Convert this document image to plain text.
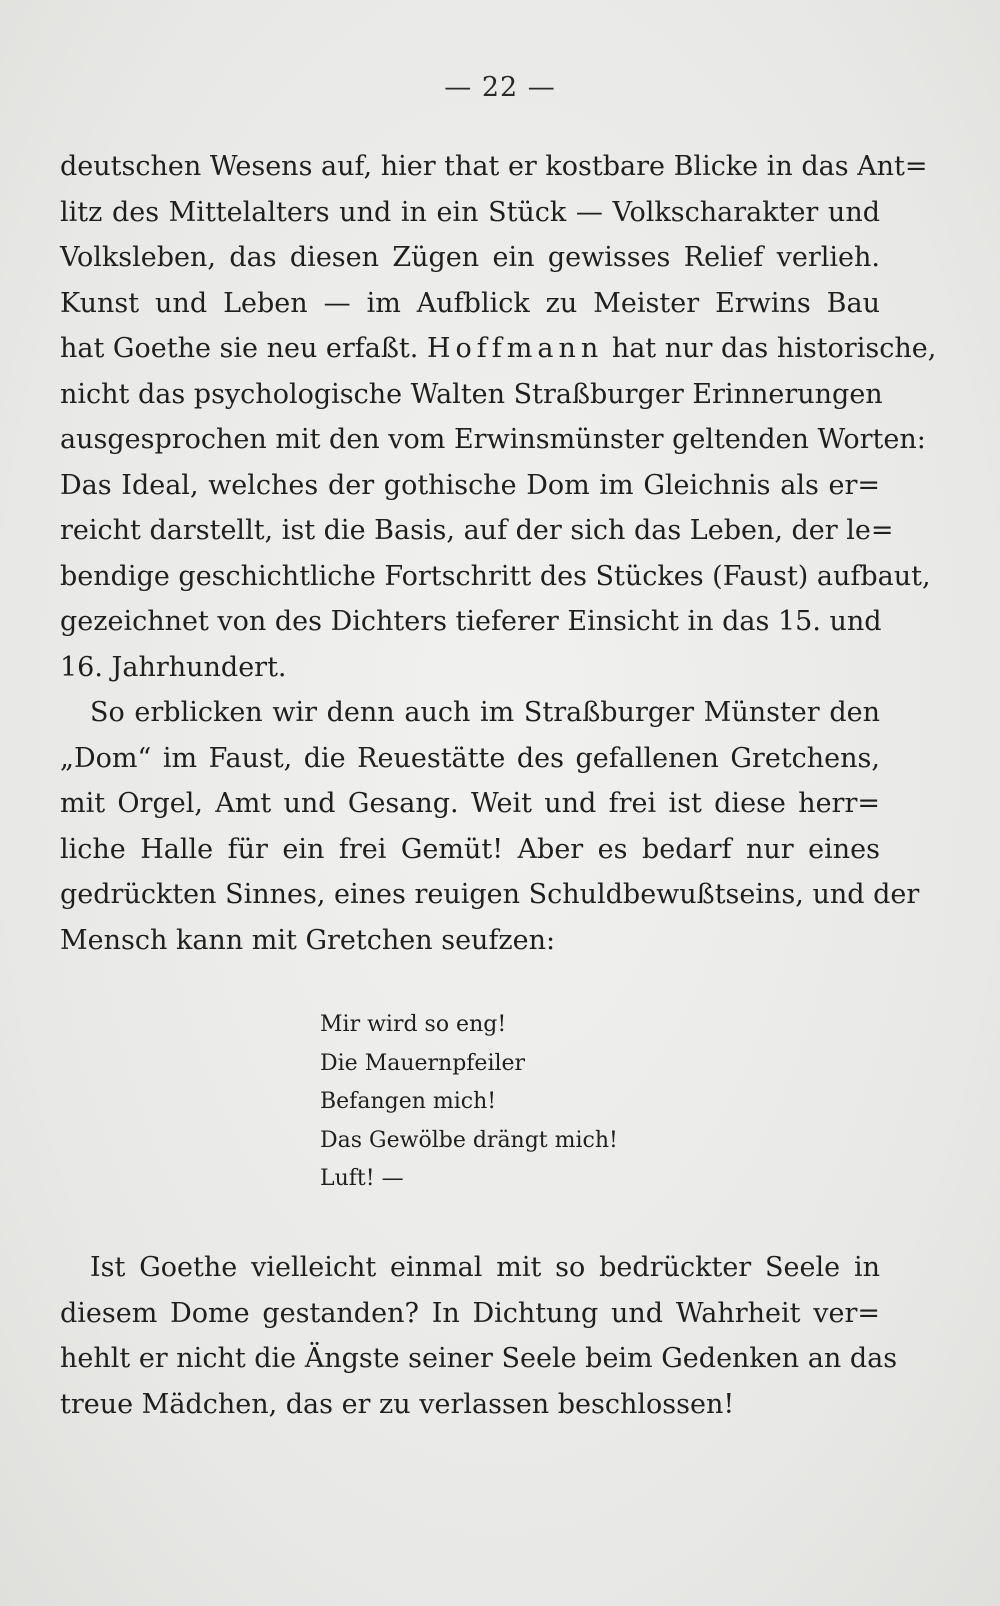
— 22 —
deutschen Wesens auf, hier that er kostbare Blicke in das Ant=
litz des Mittelalters und in ein Stück — Volkscharakter und
Volksleben, das diesen Zügen ein gewisses Relief verlieh.
Kunst und Leben — im Aufblick zu Meister Erwins Bau
hat Goethe sie neu erfaßt. Hoffmann hat nur das historische,
nicht das psychologische Walten Straßburger Erinnerungen
ausgesprochen mit den vom Erwinsmünster geltenden Worten:
Das Ideal, welches der gothische Dom im Gleichnis als er=
reicht darstellt, ist die Basis, auf der sich das Leben, der le=
bendige geschichtliche Fortschritt des Stückes (Faust) aufbaut,
gezeichnet von des Dichters tieferer Einsicht in das 15. und
16. Jahrhundert.
So erblicken wir denn auch im Straßburger Münster den
„Dom“ im Faust, die Reuestätte des gefallenen Gretchens,
mit Orgel, Amt und Gesang. Weit und frei ist diese herr=
liche Halle für ein frei Gemüt! Aber es bedarf nur eines
gedrückten Sinnes, eines reuigen Schuldbewußtseins, und der
Mensch kann mit Gretchen seufzen:
Mir wird so eng!
Die Mauernpfeiler
Befangen mich!
Das Gewölbe drängt mich!
Luft! —
Ist Goethe vielleicht einmal mit so bedrückter Seele in
diesem Dome gestanden? In Dichtung und Wahrheit ver=
hehlt er nicht die Ängste seiner Seele beim Gedenken an das
treue Mädchen, das er zu verlassen beschlossen!
